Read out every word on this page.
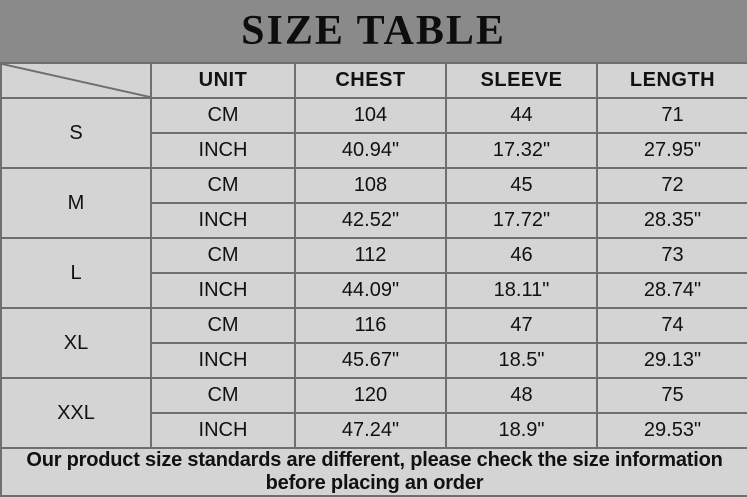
SIZE TABLE
	UNIT	CHEST	SLEEVE	LENGTH
S	CM	104	44	71
	INCH	40.94"	17.32"	27.95"
M	CM	108	45	72
	INCH	42.52"	17.72"	28.35"
L	CM	112	46	73
	INCH	44.09"	18.11"	28.74"
XL	CM	116	47	74
	INCH	45.67"	18.5"	29.13"
XXL	CM	120	48	75
	INCH	47.24"	18.9"	29.53"
Our product size standards are different, please check the size information before placing an order				
